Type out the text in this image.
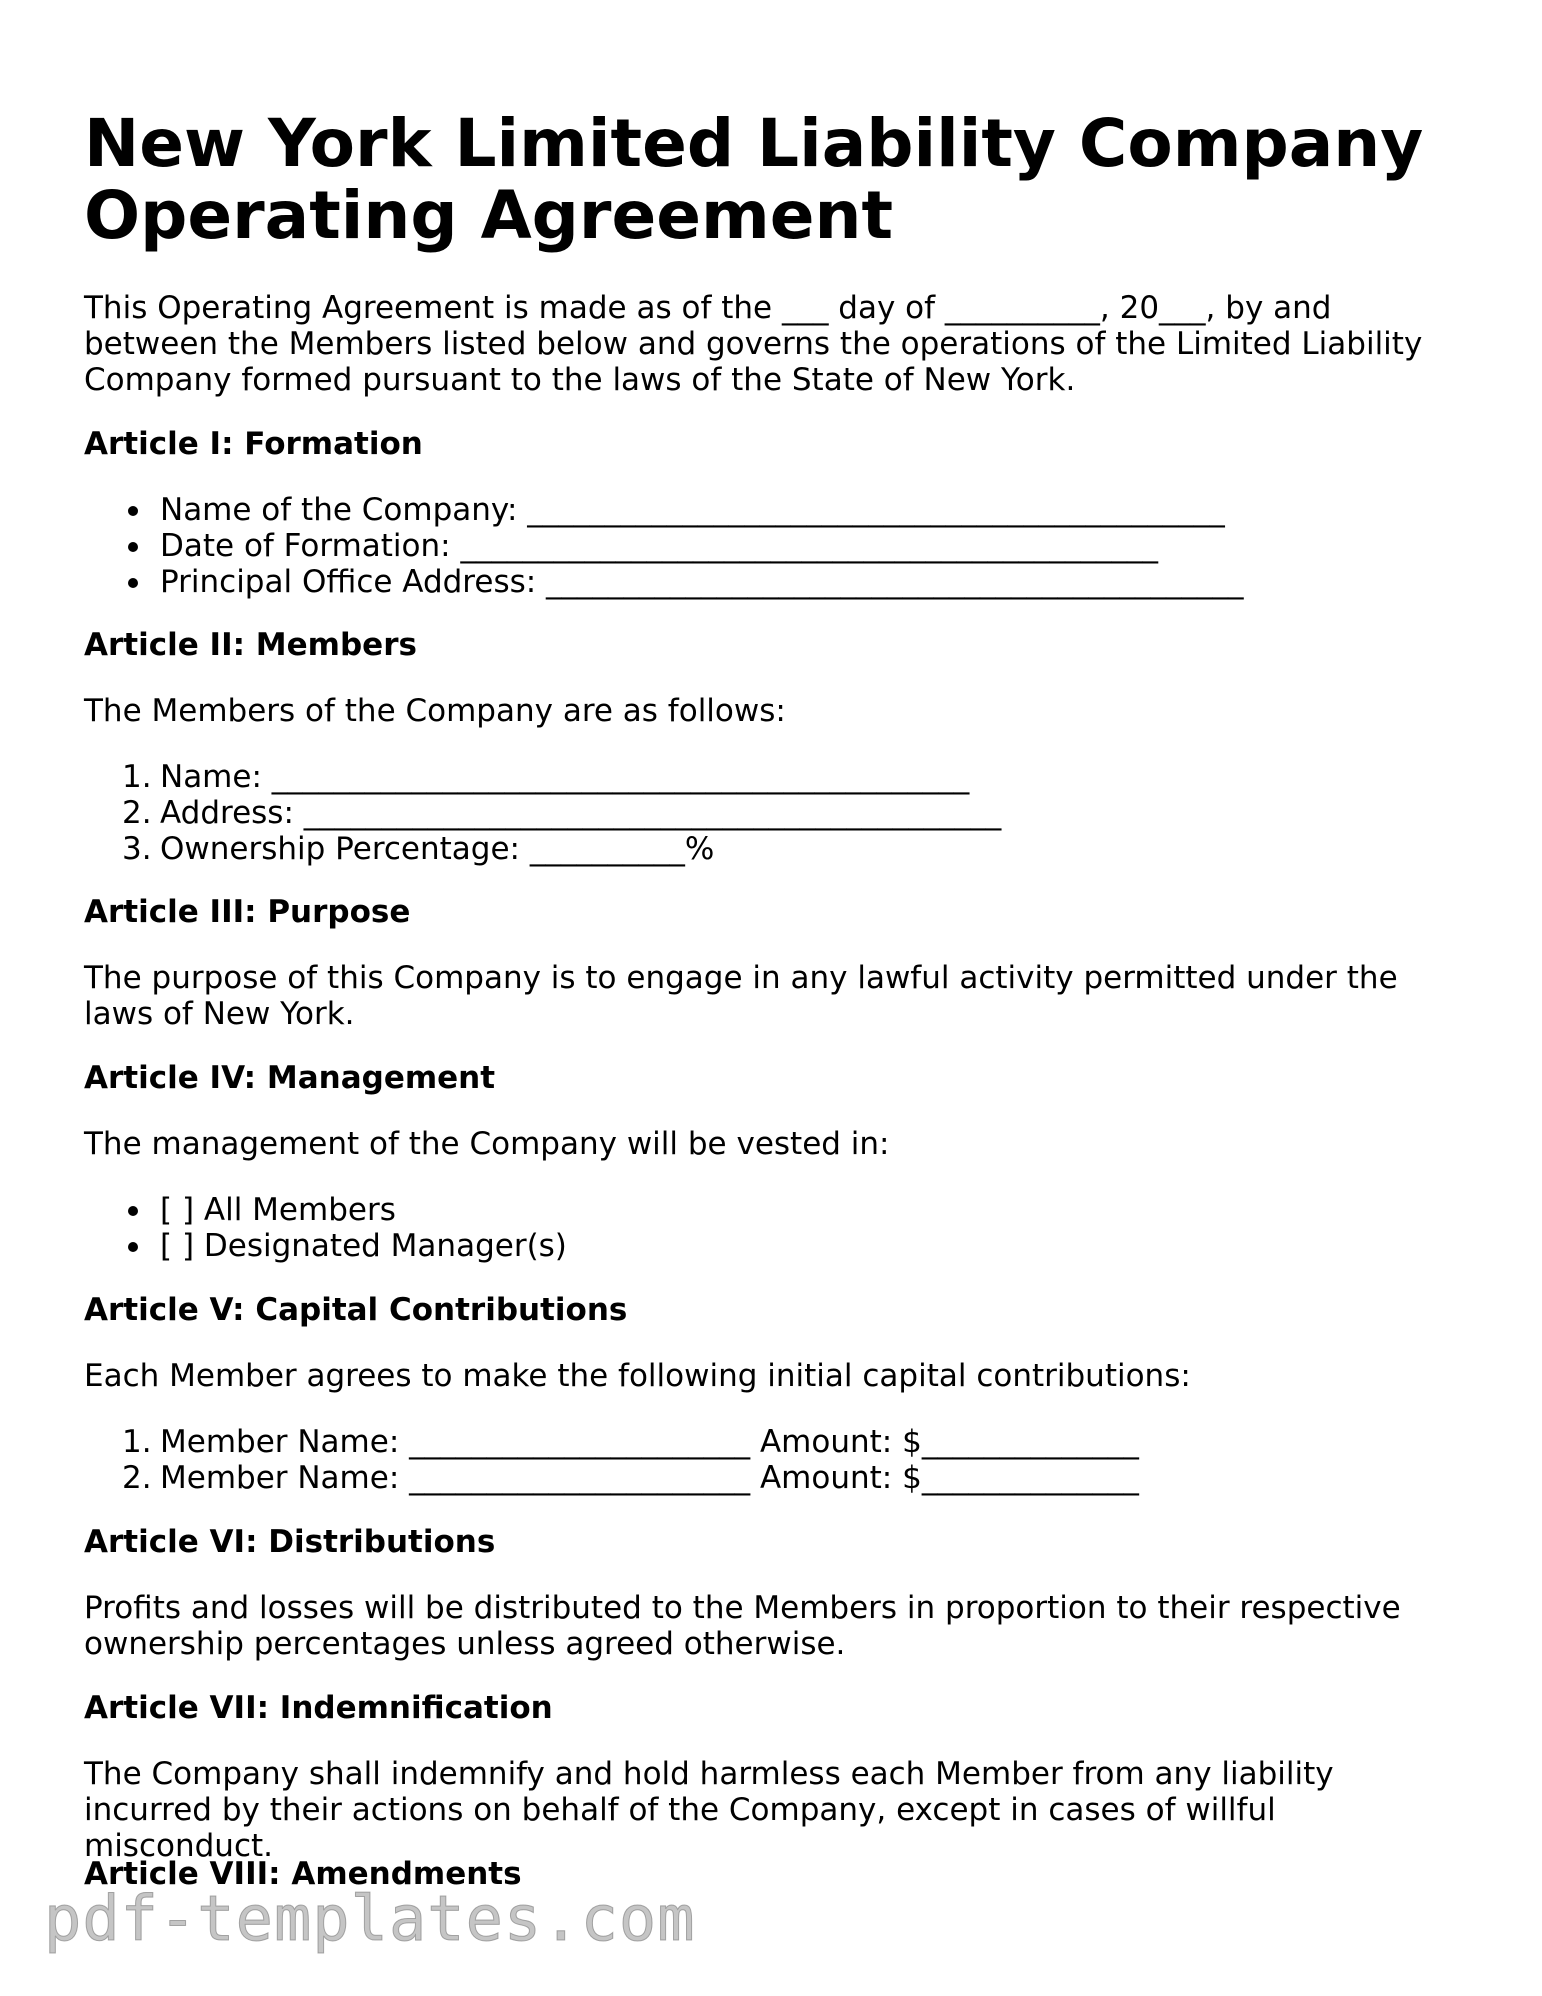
New York Limited Liability Company Operating Agreement

This Operating Agreement is made as of the ___ day of __________, 20___, by and between the Members listed below and governs the operations of the Limited Liability Company formed pursuant to the laws of the State of New York.

Article I: Formation
Name of the Company: _____________________________________________
Date of Formation: _____________________________________________
Principal Office Address: _____________________________________________
Article II: Members

The Members of the Company are as follows:

1. Name: _____________________________________________
2. Address: _____________________________________________
3. Ownership Percentage: __________%
Article III: Purpose

The purpose of this Company is to engage in any lawful activity permitted under the laws of New York.

Article IV: Management

The management of the Company will be vested in:

[ ] All Members
[ ] Designated Manager(s)
Article V: Capital Contributions

Each Member agrees to make the following initial capital contributions:

1. Member Name: ______________________ Amount: $______________
2. Member Name: ______________________ Amount: $______________
Article VI: Distributions

Profits and losses will be distributed to the Members in proportion to their respective ownership percentages unless agreed otherwise.

Article VII: Indemnification

The Company shall indemnify and hold harmless each Member from any liability incurred by their actions on behalf of the Company, except in cases of willful misconduct.

Article VIII: Amendments
pdf-templates.com
